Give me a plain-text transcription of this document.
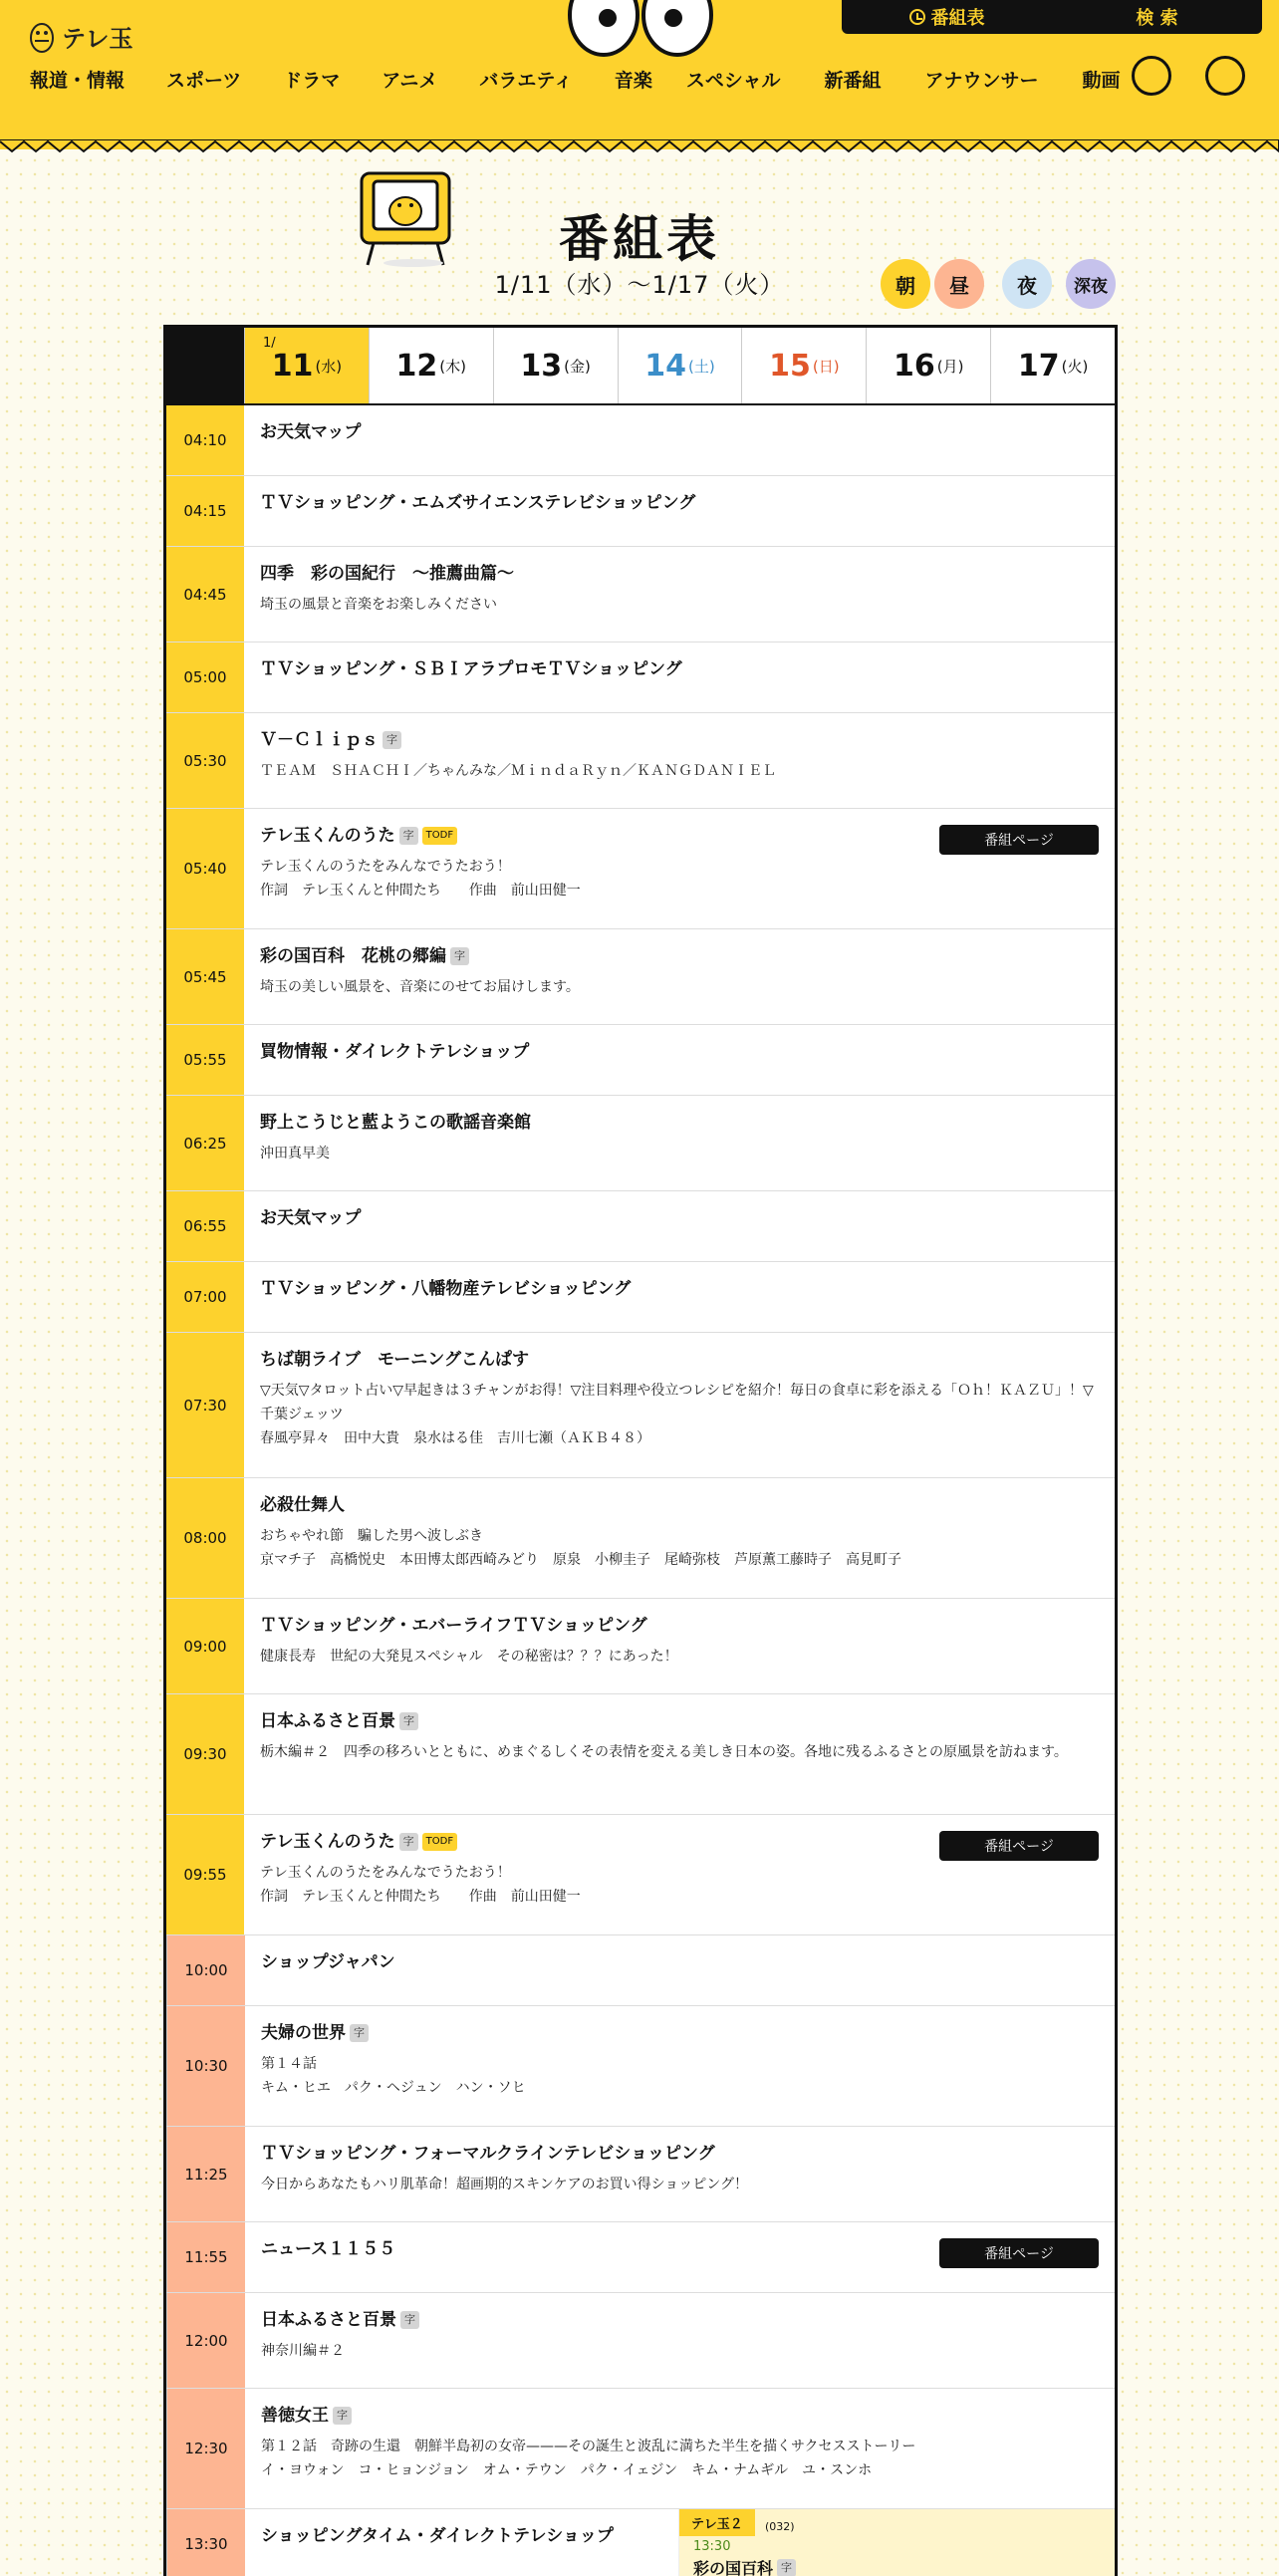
テレ玉
番組表	検 索
報道・情報 スポーツ ドラマ アニメ バラエティ 音楽 スペシャル 新番組 アナウンサー 動画
番組表
1/11（水）〜1/17（火）	朝	昼	夜	深夜
1/
11 (水) 12 (木) 13 (金) 14 (土) 15 (日) 16 (月) 17 (火)
04:10	お天気マップ
04:15	ＴＶショッピング・エムズサイエンステレビショッピング
04:45
四季　彩の国紀行　～推薦曲篇～
埼玉の風景と音楽をお楽しみください
05:00	ＴＶショッピング・ＳＢＩアラプロモＴＶショッピング
05:30
Ｖ－Ｃｌｉｐｓ 字
ＴＥＡＭ　ＳＨＡＣＨＩ／ちゃんみな／ＭｉｎｄａＲｙｎ／ＫＡＮＧＤＡＮＩＥＬ
05:40
テレ玉くんのうた 字	TODF
テレ玉くんのうたをみんなでうたおう！
作詞　テレ玉くんと仲間たち　　作曲　前山田健一
番組ページ
05:45
彩の国百科　花桃の郷編 字
埼玉の美しい風景を、音楽にのせてお届けします。
05:55	買物情報・ダイレクトテレショップ
06:25
野上こうじと藍ようこの歌謡音楽館
沖田真早美
06:55	お天気マップ
07:00	ＴＶショッピング・八幡物産テレビショッピング
07:30
ちば朝ライブ　モーニングこんぱす
▽天気▽タロット占い▽早起きは３チャンがお得！▽注目料理や役立つレシピを紹介！毎日の食卓に彩を添える「Ｏｈ！ＫＡＺＵ」！▽千葉ジェッツ
春風亭昇々　田中大貴　泉水はる佳　吉川七瀬（ＡＫＢ４８）
08:00
必殺仕舞人
おちゃやれ節　騙した男へ波しぶき
京マチ子　高橋悦史　本田博太郎西崎みどり　原泉　小柳圭子　尾崎弥枝　芦原薫工藤時子　高見町子
09:00
ＴＶショッピング・エバーライフＴＶショッピング
健康長寿　世紀の大発見スペシャル　その秘密は？？？にあった！
09:30
日本ふるさと百景 字
栃木編＃２　四季の移ろいとともに、めまぐるしくその表情を変える美しき日本の姿。各地に残るふるさとの原風景を訪ねます。
09:55
テレ玉くんのうた 字	TODF
テレ玉くんのうたをみんなでうたおう！
作詞　テレ玉くんと仲間たち　　作曲　前山田健一
番組ページ
10:00	ショップジャパン
10:30
夫婦の世界 字
第１４話
キム・ヒエ　パク・ヘジュン　ハン・ソヒ
11:25
ＴＶショッピング・フォーマルクラインテレビショッピング
今日からあなたもハリ肌革命！超画期的スキンケアのお買い得ショッピング！
11:55	ニュース１１５５	番組ページ
12:00
日本ふるさと百景 字
神奈川編＃２
12:30
善徳女王 字
第１２話　奇跡の生還　朝鮮半島初の女帝———その誕生と波乱に満ちた半生を描くサクセスストーリー
イ・ヨウォン　コ・ヒョンジョン　オム・テウン　パク・イェジン　キム・ナムギル　ユ・スンホ
13:30	ショッピングタイム・ダイレクトテレショップ
テレ玉２ (032)
13:30
彩の国百科 字
